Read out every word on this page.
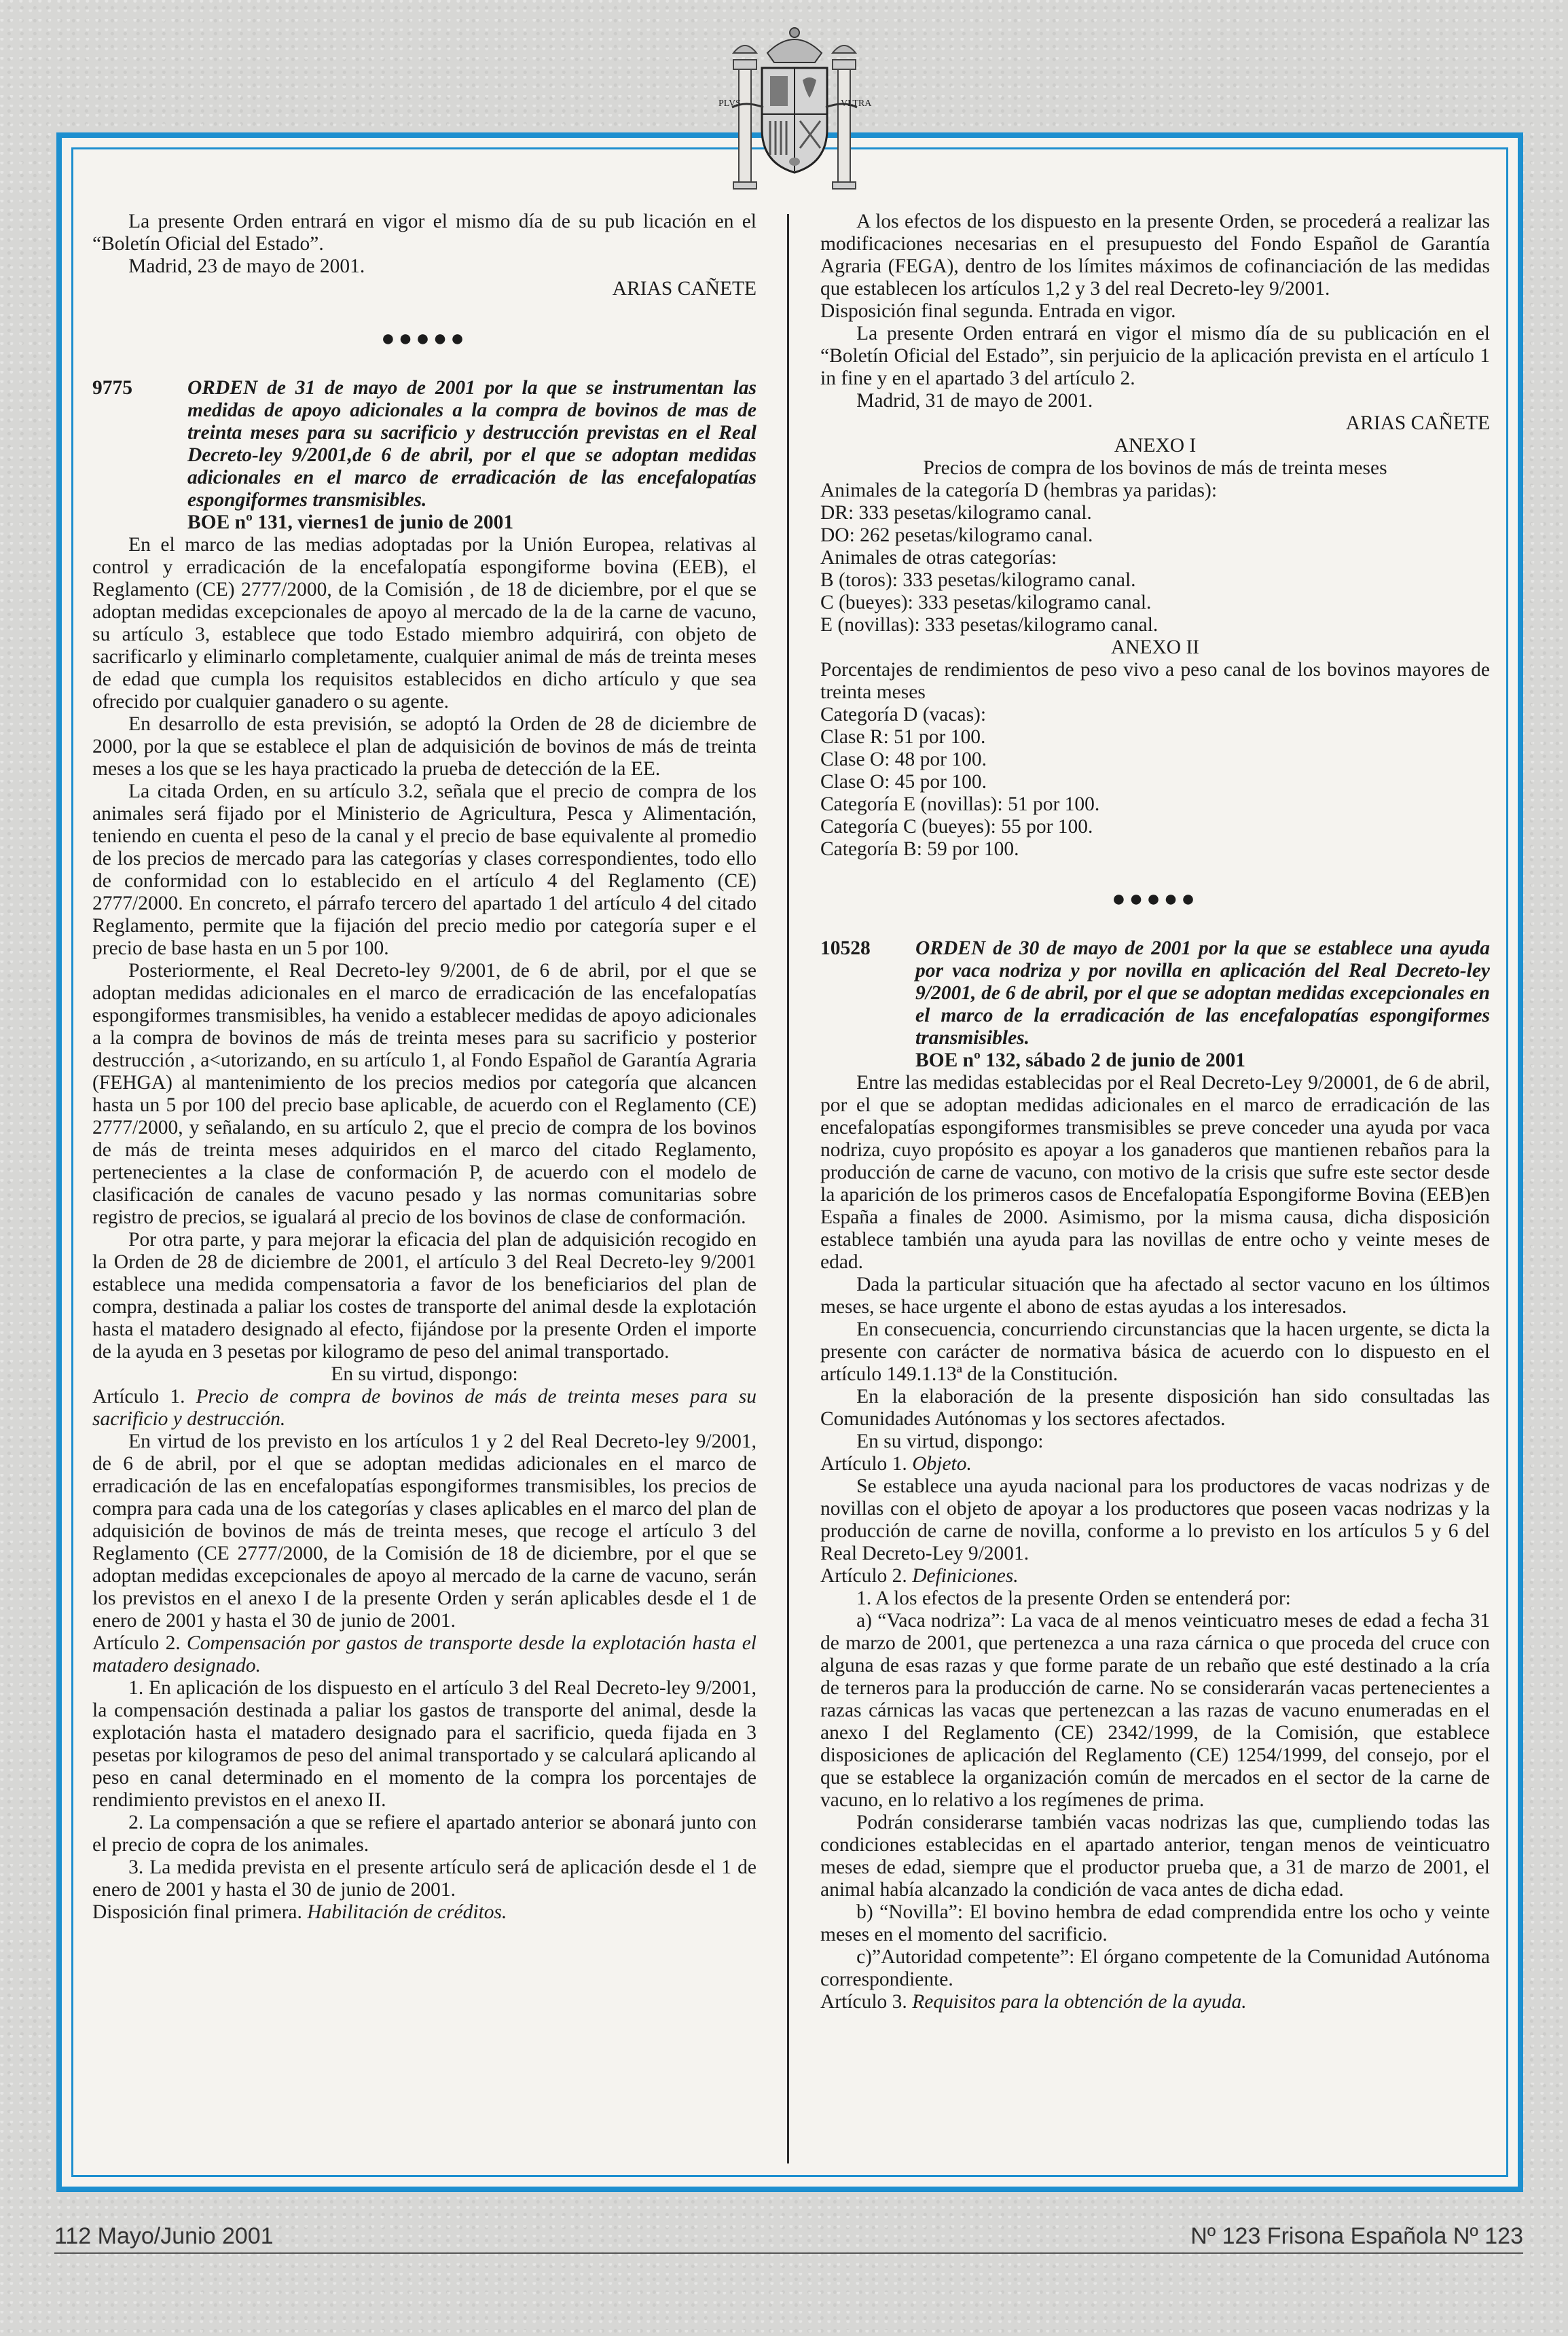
PLVS	VLTRA

La presente Orden entrará en vigor el mismo día de su pub licación en el “Boletín Oficial del Estado”.

Madrid, 23 de mayo de 2001.

ARIAS CAÑETE

●●●●●
9775	ORDEN de 31 de mayo de 2001 por la que se instrumentan las medidas de apoyo adicionales a la compra de bovinos de mas de treinta meses para su sacrificio y destrucción previstas en el Real Decreto-ley 9/2001,de 6 de abril, por el que se adoptan medidas adicionales en el marco de erradicación de las encefalopatías espongiformes transmisibles.

BOE nº 131, viernes1 de junio de 2001

En el marco de las medias adoptadas por la Unión Europea, relativas al control y erradicación de la encefalopatía espongiforme bovina (EEB), el Reglamento (CE) 2777/2000, de la Comisión , de 18 de diciembre, por el que se adoptan medidas excepcionales de apoyo al mercado de la de la carne de vacuno, su artículo 3, establece que todo Estado miembro adquirirá, con objeto de sacrificarlo y eliminarlo completamente, cualquier animal de más de treinta meses de edad que cumpla los requisitos establecidos en dicho artículo y que sea ofrecido por cualquier ganadero o su agente.

En desarrollo de esta previsión, se adoptó la Orden de 28 de diciembre de 2000, por la que se establece el plan de adquisición de bovinos de más de treinta meses a los que se les haya practicado la prueba de detección de la EE.

La citada Orden, en su artículo 3.2, señala que el precio de compra de los animales será fijado por el Ministerio de Agricultura, Pesca y Alimentación, teniendo en cuenta el peso de la canal y el precio de base equivalente al promedio de los precios de mercado para las categorías y clases correspondientes, todo ello de conformidad con lo establecido en el artículo 4 del Reglamento (CE) 2777/2000. En concreto, el párrafo tercero del apartado 1 del artículo 4 del citado Reglamento, permite que la fijación del precio medio por categoría super e el precio de base hasta en un 5 por 100.

Posteriormente, el Real Decreto-ley 9/2001, de 6 de abril, por el que se adoptan medidas adicionales en el marco de erradicación de las encefalopatías espongiformes transmisibles, ha venido a establecer medidas de apoyo adicionales a la compra de bovinos de más de treinta meses para su sacrificio y posterior destrucción , a<utorizando, en su artículo 1, al Fondo Español de Garantía Agraria (FEHGA) al mantenimiento de los precios medios por categoría que alcancen hasta un 5 por 100 del precio base aplicable, de acuerdo con el Reglamento (CE) 2777/2000, y señalando, en su artículo 2, que el precio de compra de los bovinos de más de treinta meses adquiridos en el marco del citado Reglamento, pertenecientes a la clase de conformación P, de acuerdo con el modelo de clasificación de canales de vacuno pesado y las normas comunitarias sobre registro de precios, se igualará al precio de los bovinos de clase de conformación.

Por otra parte, y para mejorar la eficacia del plan de adquisición recogido en la Orden de 28 de diciembre de 2001, el artículo 3 del Real Decreto-ley 9/2001 establece una medida compensatoria a favor de los beneficiarios del plan de compra, destinada a paliar los costes de transporte del animal desde la explotación hasta el matadero designado al efecto, fijándose por la presente Orden el importe de la ayuda en 3 pesetas por kilogramo de peso del animal transportado.

En su virtud, dispongo:

Artículo 1. Precio de compra de bovinos de más de treinta meses para su sacrificio y destrucción.

En virtud de los previsto en los artículos 1 y 2 del Real Decreto-ley 9/2001, de 6 de abril, por el que se adoptan medidas adicionales en el marco de erradicación de las en encefalopatías espongiformes transmisibles, los precios de compra para cada una de los categorías y clases aplicables en el marco del plan de adquisición de bovinos de más de treinta meses, que recoge el artículo 3 del Reglamento (CE 2777/2000, de la Comisión de 18 de diciembre, por el que se adoptan medidas excepcionales de apoyo al mercado de la carne de vacuno, serán los previstos en el anexo I de la presente Orden y serán aplicables desde el 1 de enero de 2001 y hasta el 30 de junio de 2001.

Artículo 2. Compensación por gastos de transporte desde la explotación hasta el matadero designado.

1. En aplicación de los dispuesto en el artículo 3 del Real Decreto-ley 9/2001, la compensación destinada a paliar los gastos de transporte del animal, desde la explotación hasta el matadero designado para el sacrificio, queda fijada en 3 pesetas por kilogramos de peso del animal transportado y se calculará aplicando al peso en canal determinado en el momento de la compra los porcentajes de rendimiento previstos en el anexo II.

2. La compensación a que se refiere el apartado anterior se abonará junto con el precio de copra de los animales.

3. La medida prevista en el presente artículo será de aplicación desde el 1 de enero de 2001 y hasta el 30 de junio de 2001.

Disposición final primera. Habilitación de créditos.

A los efectos de los dispuesto en la presente Orden, se procederá a realizar las modificaciones necesarias en el presupuesto del Fondo Español de Garantía Agraria (FEGA), dentro de los límites máximos de cofinanciación de las medidas que establecen los artículos 1,2 y 3 del real Decreto-ley 9/2001.

Disposición final segunda. Entrada en vigor.

La presente Orden entrará en vigor el mismo día de su publicación en el “Boletín Oficial del Estado”, sin perjuicio de la aplicación prevista en el artículo 1 in fine y en el apartado 3 del artículo 2.

Madrid, 31 de mayo de 2001.

ARIAS CAÑETE

ANEXO I

Precios de compra de los bovinos de más de treinta meses

Animales de la categoría D (hembras ya paridas):

DR: 333 pesetas/kilogramo canal.

DO: 262 pesetas/kilogramo canal.

Animales de otras categorías:

B (toros): 333 pesetas/kilogramo canal.

C (bueyes): 333 pesetas/kilogramo canal.

E (novillas): 333 pesetas/kilogramo canal.

ANEXO II

Porcentajes de rendimientos de peso vivo a peso canal de los bovinos mayores de treinta meses

Categoría D (vacas):

Clase R: 51 por 100.

Clase O: 48 por 100.

Clase O: 45 por 100.

Categoría E (novillas): 51 por 100.

Categoría C (bueyes): 55 por 100.

Categoría B: 59 por 100.

●●●●●
10528	ORDEN de 30 de mayo de 2001 por la que se establece una ayuda por vaca nodriza y por novilla en aplicación del Real Decreto-ley 9/2001, de 6 de abril, por el que se adoptan medidas excepcionales en el marco de la erradicación de las encefalopatías espongiformes transmisibles.

BOE nº 132, sábado 2 de junio de 2001

Entre las medidas establecidas por el Real Decreto-Ley 9/20001, de 6 de abril, por el que se adoptan medidas adicionales en el marco de erradicación de las encefalopatías espongiformes transmisibles se preve conceder una ayuda por vaca nodriza, cuyo propósito es apoyar a los ganaderos que mantienen rebaños para la producción de carne de vacuno, con motivo de la crisis que sufre este sector desde la aparición de los primeros casos de Encefalopatía Espongiforme Bovina (EEB)en España a finales de 2000. Asimismo, por la misma causa, dicha disposición establece también una ayuda para las novillas de entre ocho y veinte meses de edad.

Dada la particular situación que ha afectado al sector vacuno en los últimos meses, se hace urgente el abono de estas ayudas a los interesados.

En consecuencia, concurriendo circunstancias que la hacen urgente, se dicta la presente con carácter de normativa básica de acuerdo con lo dispuesto en el artículo 149.1.13ª de la Constitución.

En la elaboración de la presente disposición han sido consultadas las Comunidades Autónomas y los sectores afectados.

En su virtud, dispongo:

Artículo 1. Objeto.

Se establece una ayuda nacional para los productores de vacas nodrizas y de novillas con el objeto de apoyar a los productores que poseen vacas nodrizas y la producción de carne de novilla, conforme a lo previsto en los artículos 5 y 6 del Real Decreto-Ley 9/2001.

Artículo 2. Definiciones.

1. A los efectos de la presente Orden se entenderá por:

a) “Vaca nodriza”: La vaca de al menos veinticuatro meses de edad a fecha 31 de marzo de 2001, que pertenezca a una raza cárnica o que proceda del cruce con alguna de esas razas y que forme parate de un rebaño que esté destinado a la cría de terneros para la producción de carne. No se considerarán vacas pertenecientes a razas cárnicas las vacas que pertenezcan a las razas de vacuno enumeradas en el anexo I del Reglamento (CE) 2342/1999, de la Comisión, que establece disposiciones de aplicación del Reglamento (CE) 1254/1999, del consejo, por el que se establece la organización común de mercados en el sector de la carne de vacuno, en lo relativo a los regímenes de prima.

Podrán considerarse también vacas nodrizas las que, cumpliendo todas las condiciones establecidas en el apartado anterior, tengan menos de veinticuatro meses de edad, siempre que el productor prueba que, a 31 de marzo de 2001, el animal había alcanzado la condición de vaca antes de dicha edad.

b) “Novilla”: El bovino hembra de edad comprendida entre los ocho y veinte meses en el momento del sacrificio.

c)”Autoridad competente”: El órgano competente de la Comunidad Autónoma correspondiente.

Artículo 3. Requisitos para la obtención de la ayuda.

112 Mayo/Junio 2001	Nº 123 Frisona Española Nº 123
